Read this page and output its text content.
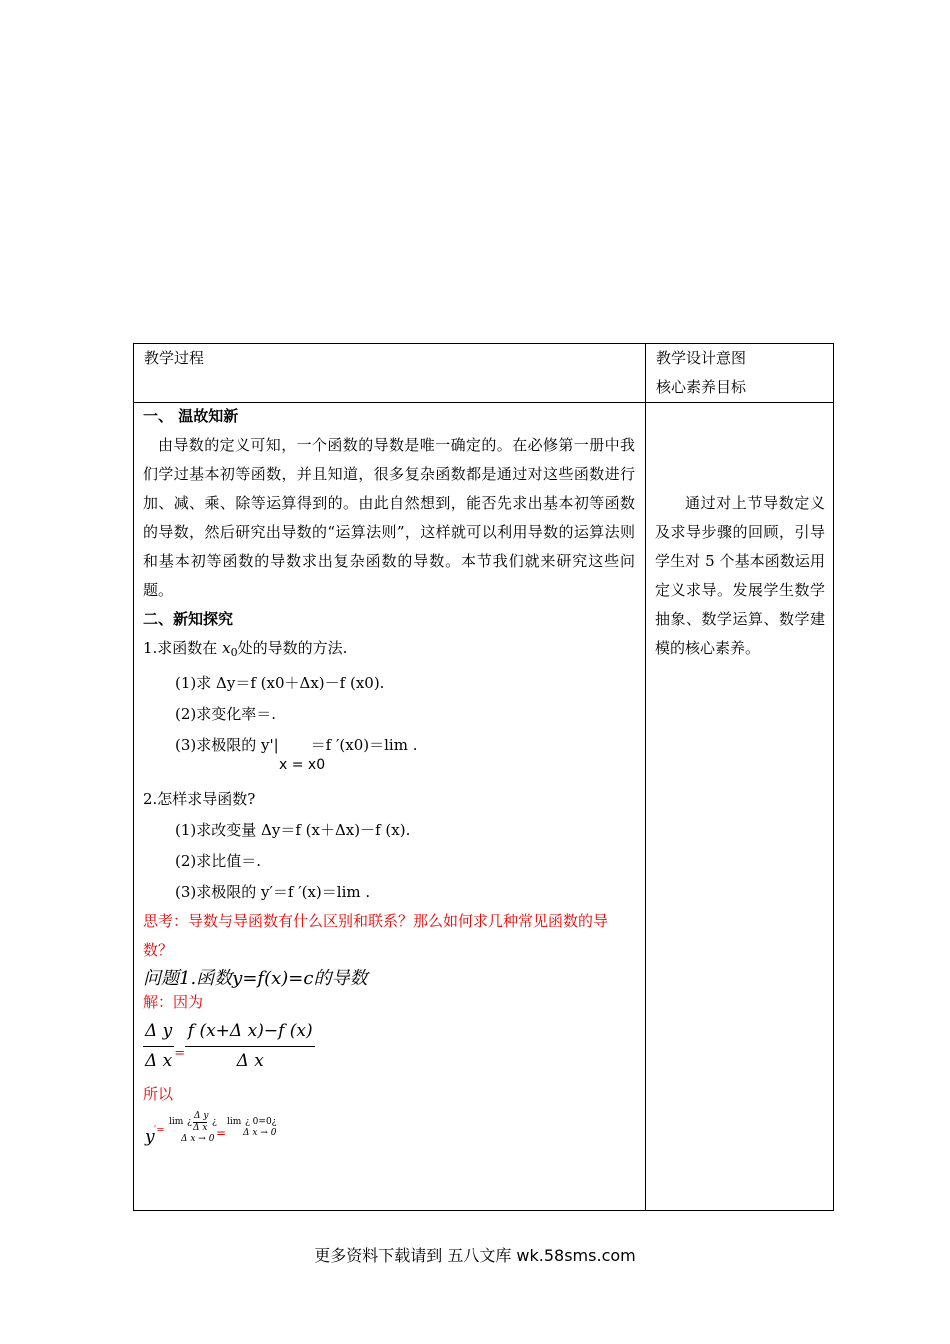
教学过程	教学设计意图

核心素养目标

一、 温故知新

由导数的定义可知，一个函数的导数是唯一确定的。在必修第一册中我们学过基本初等函数，并且知道，很多复杂函数都是通过对这些函数进行加、减、乘、除等运算得到的。由此自然想到，能否先求出基本初等函数的导数，然后研究出导数的“运算法则”，这样就可以利用导数的运算法则和基本初等函数的导数求出复杂函数的导数。本节我们就来研究这些问题。

二、新知探究

1.求函数在 $x_0$处的导数的方法.

(1)求 Δy＝f (x0＋Δx)－f (x0).

(2)求变化率＝.

(3)求极限的 y'| ＝f ′(x0)＝lim .
x = x0

2.怎样求导函数?

(1)求改变量 Δy＝f (x＋Δx)－f (x).

(2)求比值＝.

(3)求极限的 y′＝f ′(x)＝lim .

思考：导数与导函数有什么区别和联系？那么如何求几种常见函数的导数？

问题1.函数y=f(x)=c的导数

解：因为

$\frac{\text{Δ y}}{\text{Δ x}} _= \frac{\text{f (x+Δ x)−f (x)}}{\text{Δ x}}$

所以

y ′=
lim ¿
Δ y
Δ x
¿
=
lim ¿ 0=0¿
Δ x → 0
Δ x → 0

通过对上节导数定义及求导步骤的回顾，引导学生对 5 个基本函数运用定义求导。发展学生数学抽象、数学运算、数学建模的核心素养。

更多资料下载请到 五八文库 wk.58sms.com
